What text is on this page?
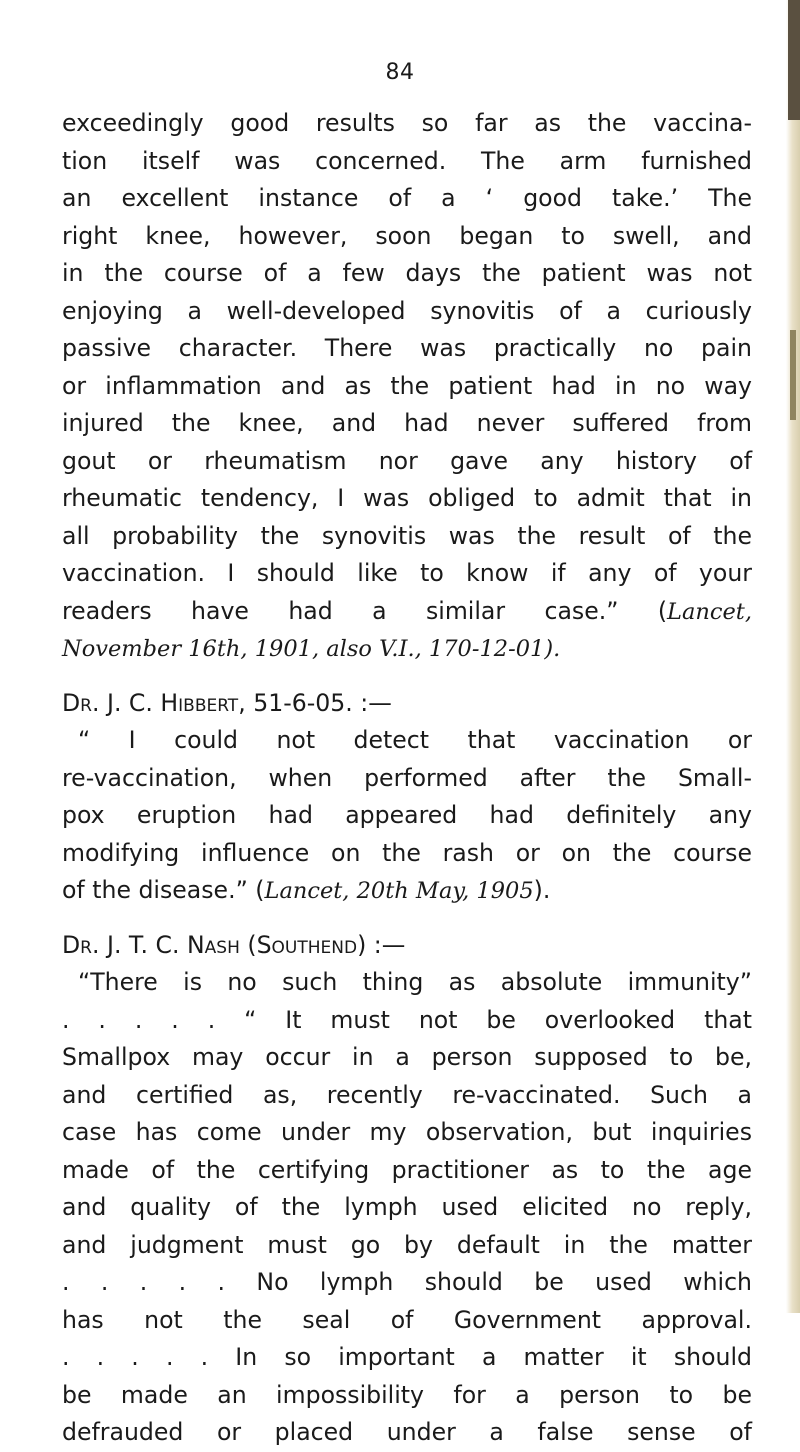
84
exceedingly good results so far as the vaccina-
tion itself was concerned. The arm furnished
an excellent instance of a ‘ good take.’ The
right knee, however, soon began to swell, and
in the course of a few days the patient was not
enjoying a well-developed synovitis of a curiously
passive character. There was practically no pain
or inflammation and as the patient had in no way
injured the knee, and had never suffered from
gout or rheumatism nor gave any history of
rheumatic tendency, I was obliged to admit that in
all probability the synovitis was the result of the
vaccination. I should like to know if any of your
readers have had a similar case.” (Lancet,
November 16th, 1901, also V.I., 170-12-01).
Dr. J. C. Hibbert, 51-6-05. :—
“ I could not detect that vaccination or
re-vaccination, when performed after the Small-
pox eruption had appeared had definitely any
modifying influence on the rash or on the course
of the disease.” (Lancet, 20th May, 1905).
Dr. J. T. C. Nash (Southend) :—
“There is no such thing as absolute immunity”
. . . . . “ It must not be overlooked that
Smallpox may occur in a person supposed to be,
and certified as, recently re-vaccinated. Such a
case has come under my observation, but inquiries
made of the certifying practitioner as to the age
and quality of the lymph used elicited no reply,
and judgment must go by default in the matter
. . . . . No lymph should be used which
has not the seal of Government approval.
. . . . . In so important a matter it should
be made an impossibility for a person to be
defrauded or placed under a false sense of
